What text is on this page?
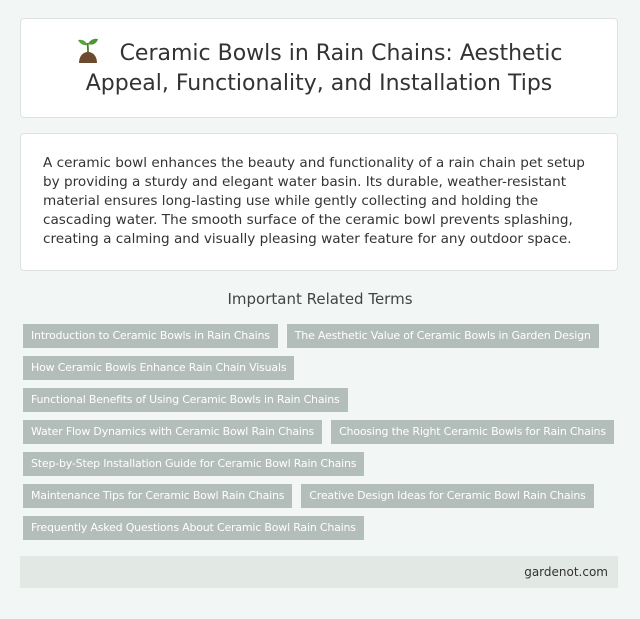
Ceramic Bowls in Rain Chains: Aesthetic Appeal, Functionality, and Installation Tips

A ceramic bowl enhances the beauty and functionality of a rain chain pet setup by providing a sturdy and elegant water basin. Its durable, weather-resistant material ensures long-lasting use while gently collecting and holding the cascading water. The smooth surface of the ceramic bowl prevents splashing, creating a calming and visually pleasing water feature for any outdoor space.

Important Related Terms
Introduction to Ceramic Bowls in Rain Chains	The Aesthetic Value of Ceramic Bowls in Garden Design
How Ceramic Bowls Enhance Rain Chain Visuals
Functional Benefits of Using Ceramic Bowls in Rain Chains
Water Flow Dynamics with Ceramic Bowl Rain Chains	Choosing the Right Ceramic Bowls for Rain Chains
Step-by-Step Installation Guide for Ceramic Bowl Rain Chains
Maintenance Tips for Ceramic Bowl Rain Chains	Creative Design Ideas for Ceramic Bowl Rain Chains
Frequently Asked Questions About Ceramic Bowl Rain Chains
gardenot.com
